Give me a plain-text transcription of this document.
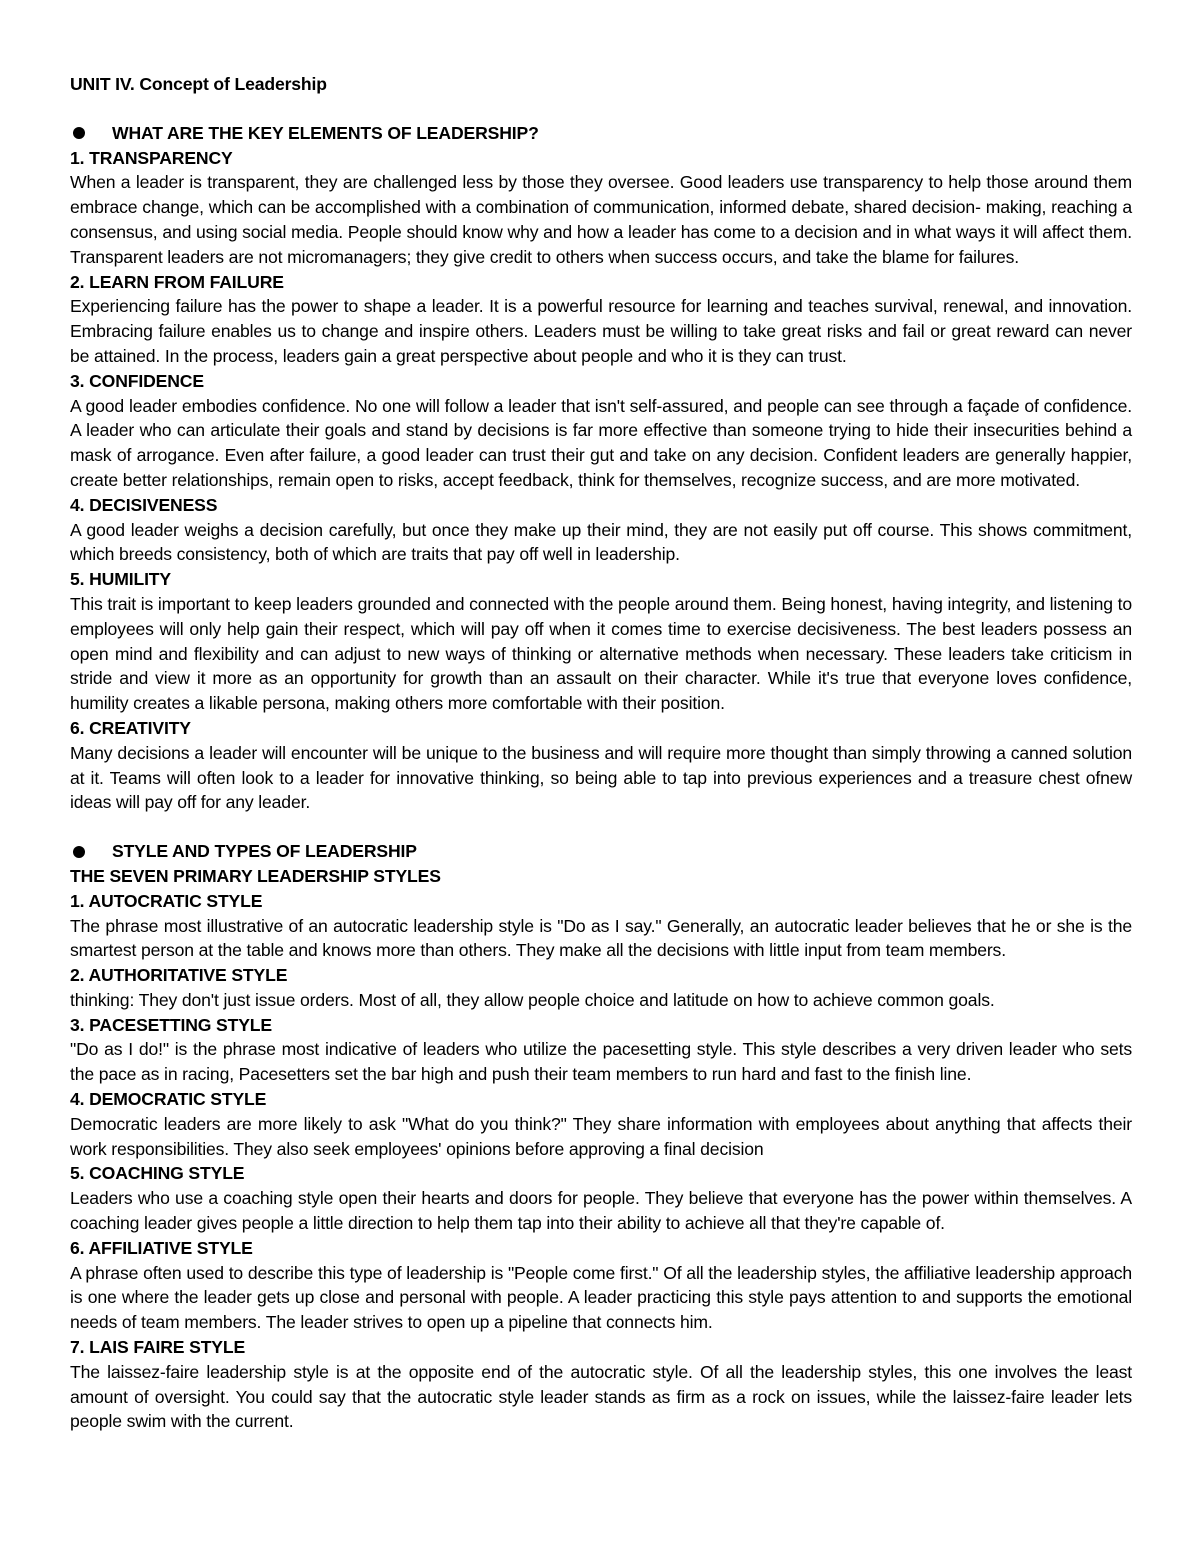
UNIT IV. Concept of Leadership

WHAT ARE THE KEY ELEMENTS OF LEADERSHIP?

1. TRANSPARENCY

When a leader is transparent, they are challenged less by those they oversee. Good leaders use transparency to help those around them embrace change, which can be accomplished with a combination of communication, informed debate, shared decision- making, reaching a consensus, and using social media. People should know why and how a leader has come to a decision and in what ways it will affect them. Transparent leaders are not micromanagers; they give credit to others when success occurs, and take the blame for failures.

2. LEARN FROM FAILURE

Experiencing failure has the power to shape a leader. It is a powerful resource for learning and teaches survival, renewal, and innovation. Embracing failure enables us to change and inspire others. Leaders must be willing to take great risks and fail or great reward can never be attained. In the process, leaders gain a great perspective about people and who it is they can trust.

3. CONFIDENCE

A good leader embodies confidence. No one will follow a leader that isn't self-assured, and people can see through a façade of confidence. A leader who can articulate their goals and stand by decisions is far more effective than someone trying to hide their insecurities behind a mask of arrogance. Even after failure, a good leader can trust their gut and take on any decision. Confident leaders are generally happier, create better relationships, remain open to risks, accept feedback, think for themselves, recognize success, and are more motivated.

4. DECISIVENESS

A good leader weighs a decision carefully, but once they make up their mind, they are not easily put off course. This shows commitment, which breeds consistency, both of which are traits that pay off well in leadership.

5. HUMILITY

This trait is important to keep leaders grounded and connected with the people around them. Being honest, having integrity, and listening to employees will only help gain their respect, which will pay off when it comes time to exercise decisiveness. The best leaders possess an open mind and flexibility and can adjust to new ways of thinking or alternative methods when necessary. These leaders take criticism in stride and view it more as an opportunity for growth than an assault on their character. While it's true that everyone loves confidence, humility creates a likable persona, making others more comfortable with their position.

6. CREATIVITY

Many decisions a leader will encounter will be unique to the business and will require more thought than simply throwing a canned solution at it. Teams will often look to a leader for innovative thinking, so being able to tap into previous experiences and a treasure chest ofnew ideas will pay off for any leader.

STYLE AND TYPES OF LEADERSHIP

THE SEVEN PRIMARY LEADERSHIP STYLES

1. AUTOCRATIC STYLE

The phrase most illustrative of an autocratic leadership style is "Do as I say." Generally, an autocratic leader believes that he or she is the smartest person at the table and knows more than others. They make all the decisions with little input from team members.

2. AUTHORITATIVE STYLE

thinking: They don't just issue orders. Most of all, they allow people choice and latitude on how to achieve common goals.

3. PACESETTING STYLE

"Do as I do!" is the phrase most indicative of leaders who utilize the pacesetting style. This style describes a very driven leader who sets the pace as in racing, Pacesetters set the bar high and push their team members to run hard and fast to the finish line.

4. DEMOCRATIC STYLE

Democratic leaders are more likely to ask "What do you think?" They share information with employees about anything that affects their work responsibilities. They also seek employees' opinions before approving a final decision

5. COACHING STYLE

Leaders who use a coaching style open their hearts and doors for people. They believe that everyone has the power within themselves. A coaching leader gives people a little direction to help them tap into their ability to achieve all that they're capable of.

6. AFFILIATIVE STYLE

A phrase often used to describe this type of leadership is "People come first." Of all the leadership styles, the affiliative leadership approach is one where the leader gets up close and personal with people. A leader practicing this style pays attention to and supports the emotional needs of team members. The leader strives to open up a pipeline that connects him.

7. LAIS FAIRE STYLE

The laissez-faire leadership style is at the opposite end of the autocratic style. Of all the leadership styles, this one involves the least amount of oversight. You could say that the autocratic style leader stands as firm as a rock on issues, while the laissez-faire leader lets people swim with the current.
